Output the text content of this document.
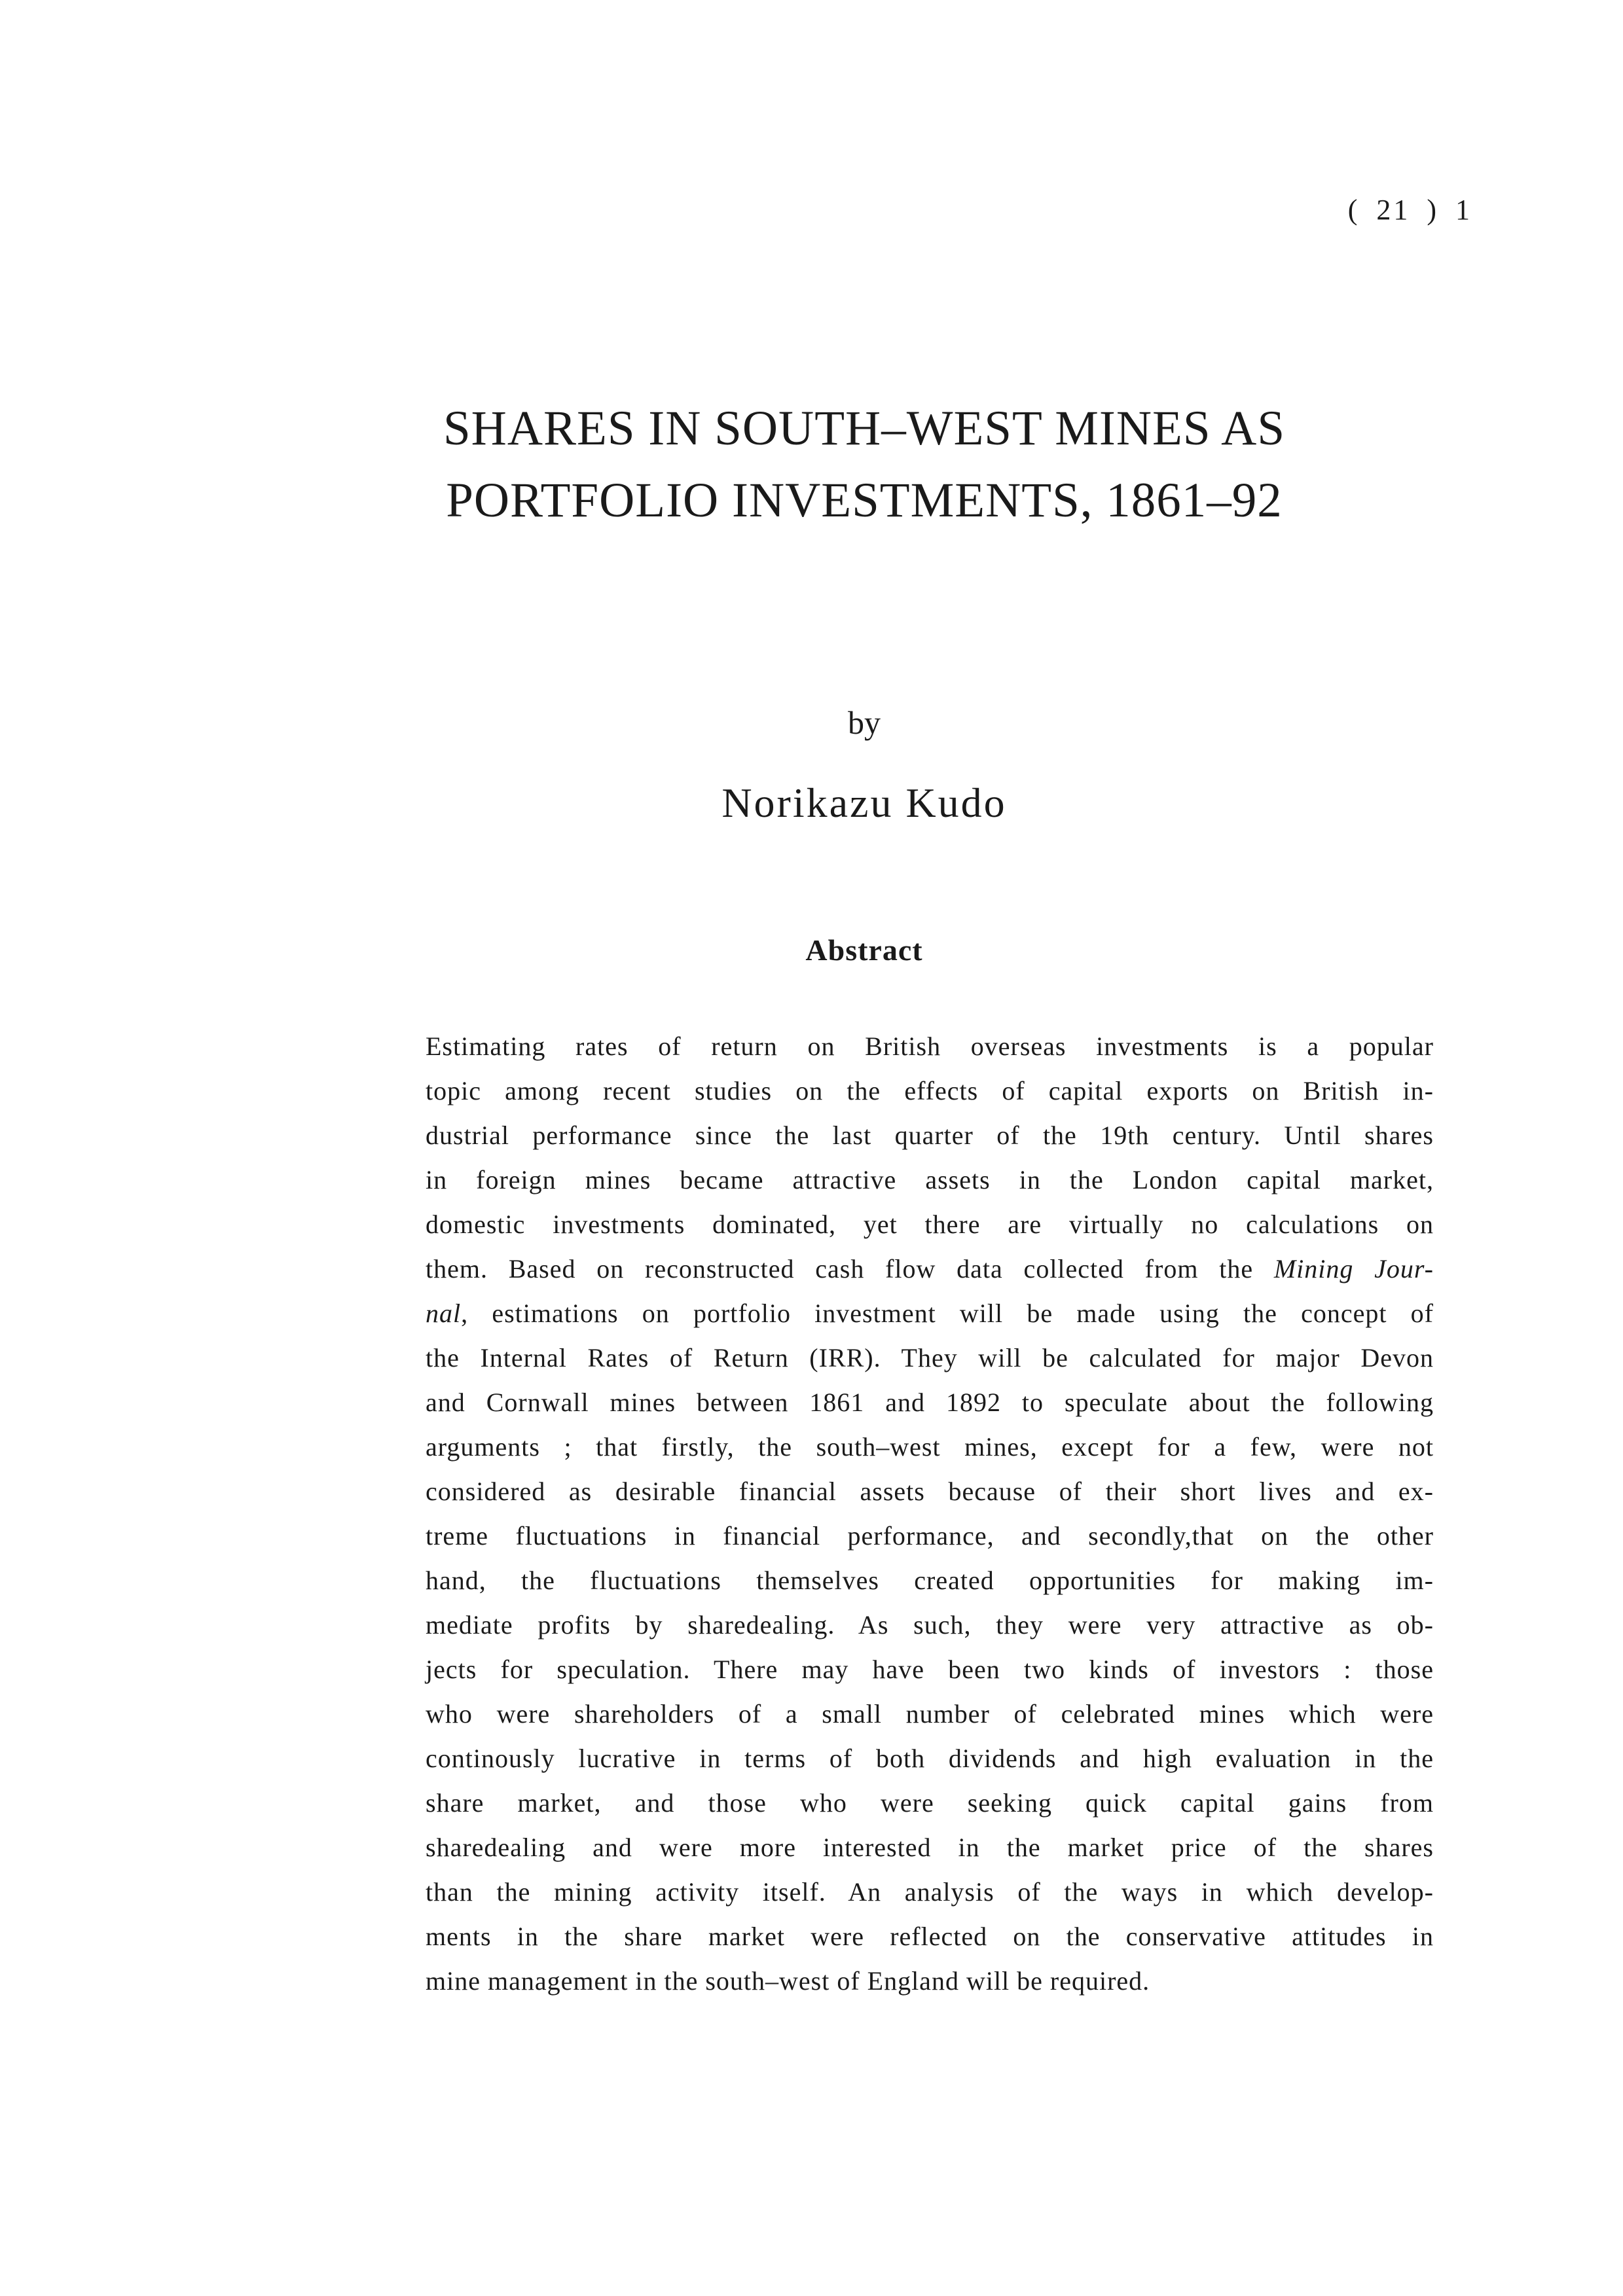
( 21 ) 1
SHARES IN SOUTH–WEST MINES AS
PORTFOLIO INVESTMENTS, 1861–92
by
Norikazu Kudo
Abstract
Estimating rates of return on British overseas investments is a popular
topic among recent studies on the effects of capital exports on British in-
dustrial performance since the last quarter of the 19th century. Until shares
in foreign mines became attractive assets in the London capital market,
domestic investments dominated, yet there are virtually no calculations on
them. Based on reconstructed cash flow data collected from the Mining Jour-
nal, estimations on portfolio investment will be made using the concept of
the Internal Rates of Return (IRR). They will be calculated for major Devon
and Cornwall mines between 1861 and 1892 to speculate about the following
arguments ; that firstly, the south–west mines, except for a few, were not
considered as desirable financial assets because of their short lives and ex-
treme fluctuations in financial performance, and secondly,that on the other
hand, the fluctuations themselves created opportunities for making im-
mediate profits by sharedealing. As such, they were very attractive as ob-
jects for speculation. There may have been two kinds of investors : those
who were shareholders of a small number of celebrated mines which were
continously lucrative in terms of both dividends and high evaluation in the
share market, and those who were seeking quick capital gains from
sharedealing and were more interested in the market price of the shares
than the mining activity itself. An analysis of the ways in which develop-
ments in the share market were reflected on the conservative attitudes in
mine management in the south–west of England will be required.
